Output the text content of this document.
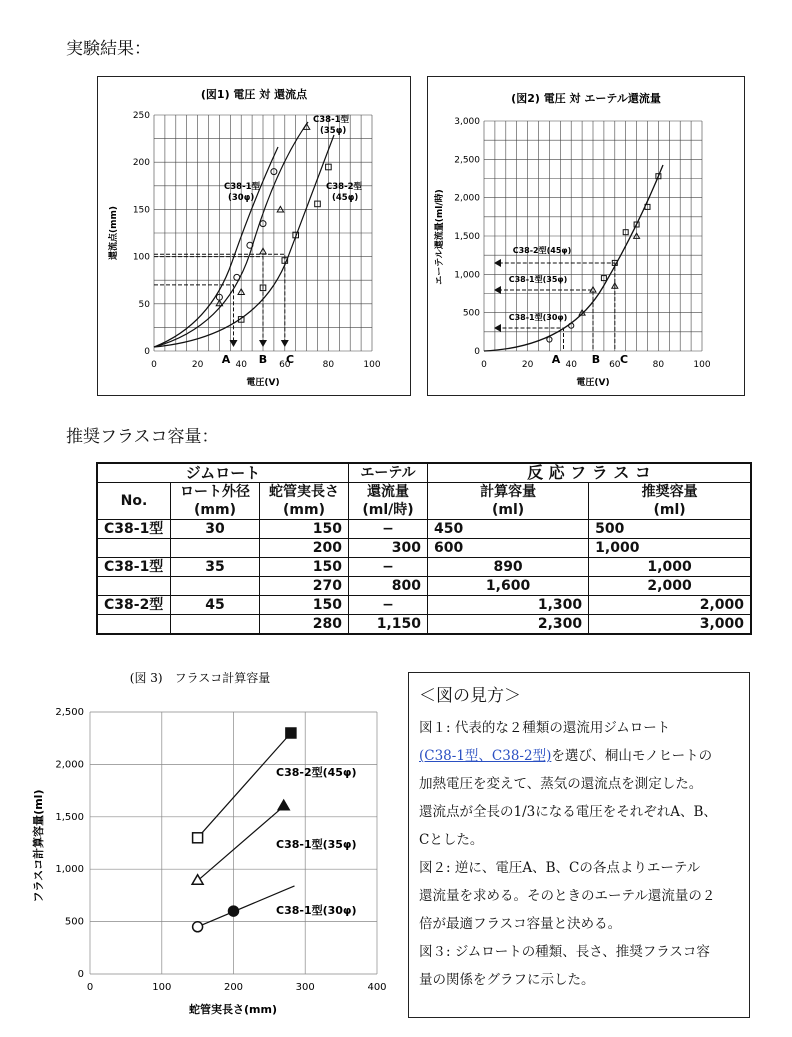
実験結果：
(図1) 電圧 対 還流点
0
50
100
150
200
250
0	20	40	60	80	100
電圧(V)
還流点(mm)
A	B C
C38-1型
(35φ)
C38-1型
(30φ)
C38-2型
(45φ)
(図2) 電圧 対 エーテル還流量
0
500
1,000
1,500
2,000
2,500
3,000
0	20	40	60	80	100
電圧(V)
エーテル還流量(ml/時)	C38-2型(45φ)
C38-1型(35φ)
C38-1型(30φ)
A	B C
推奨フラスコ容量：
ジムロート			エーテル	反 応 フ ラ ス コ	
No.	ロート外径	蛇管実長さ	還流量	計算容量	推奨容量
	(mm)	(mm)	(ml/時)	(ml)	(ml)
C38-1型	30	150	−	450	500
		200	300	600	1,000
C38-1型	35	150	−	890	1,000
		270	800	1,600	2,000
C38-2型	45	150	−	1,300	2,000
		280	1,150	2,300	3,000
(図 3)　フラスコ計算容量
0
500
1,000
1,500
2,000
2,500
0	100	200	300	400
蛇管実長さ(mm)
フラスコ計算容量(ml)
C38-2型(45φ)
C38-1型(35φ)
C38-1型(30φ)
＜図の見方＞

図１: 代表的な２種類の還流用ジムロート

(C38-1型、C38-2型)を選び、桐山モノヒートの

加熱電圧を変えて、蒸気の還流点を測定した。

還流点が全長の1/3になる電圧をそれぞれA、B、

Cとした。

図２: 逆に、電圧A、B、Cの各点よりエーテル

還流量を求める。そのときのエーテル還流量の２

倍が最適フラスコ容量と決める。

図３: ジムロートの種類、長さ、推奨フラスコ容

量の関係をグラフに示した。
